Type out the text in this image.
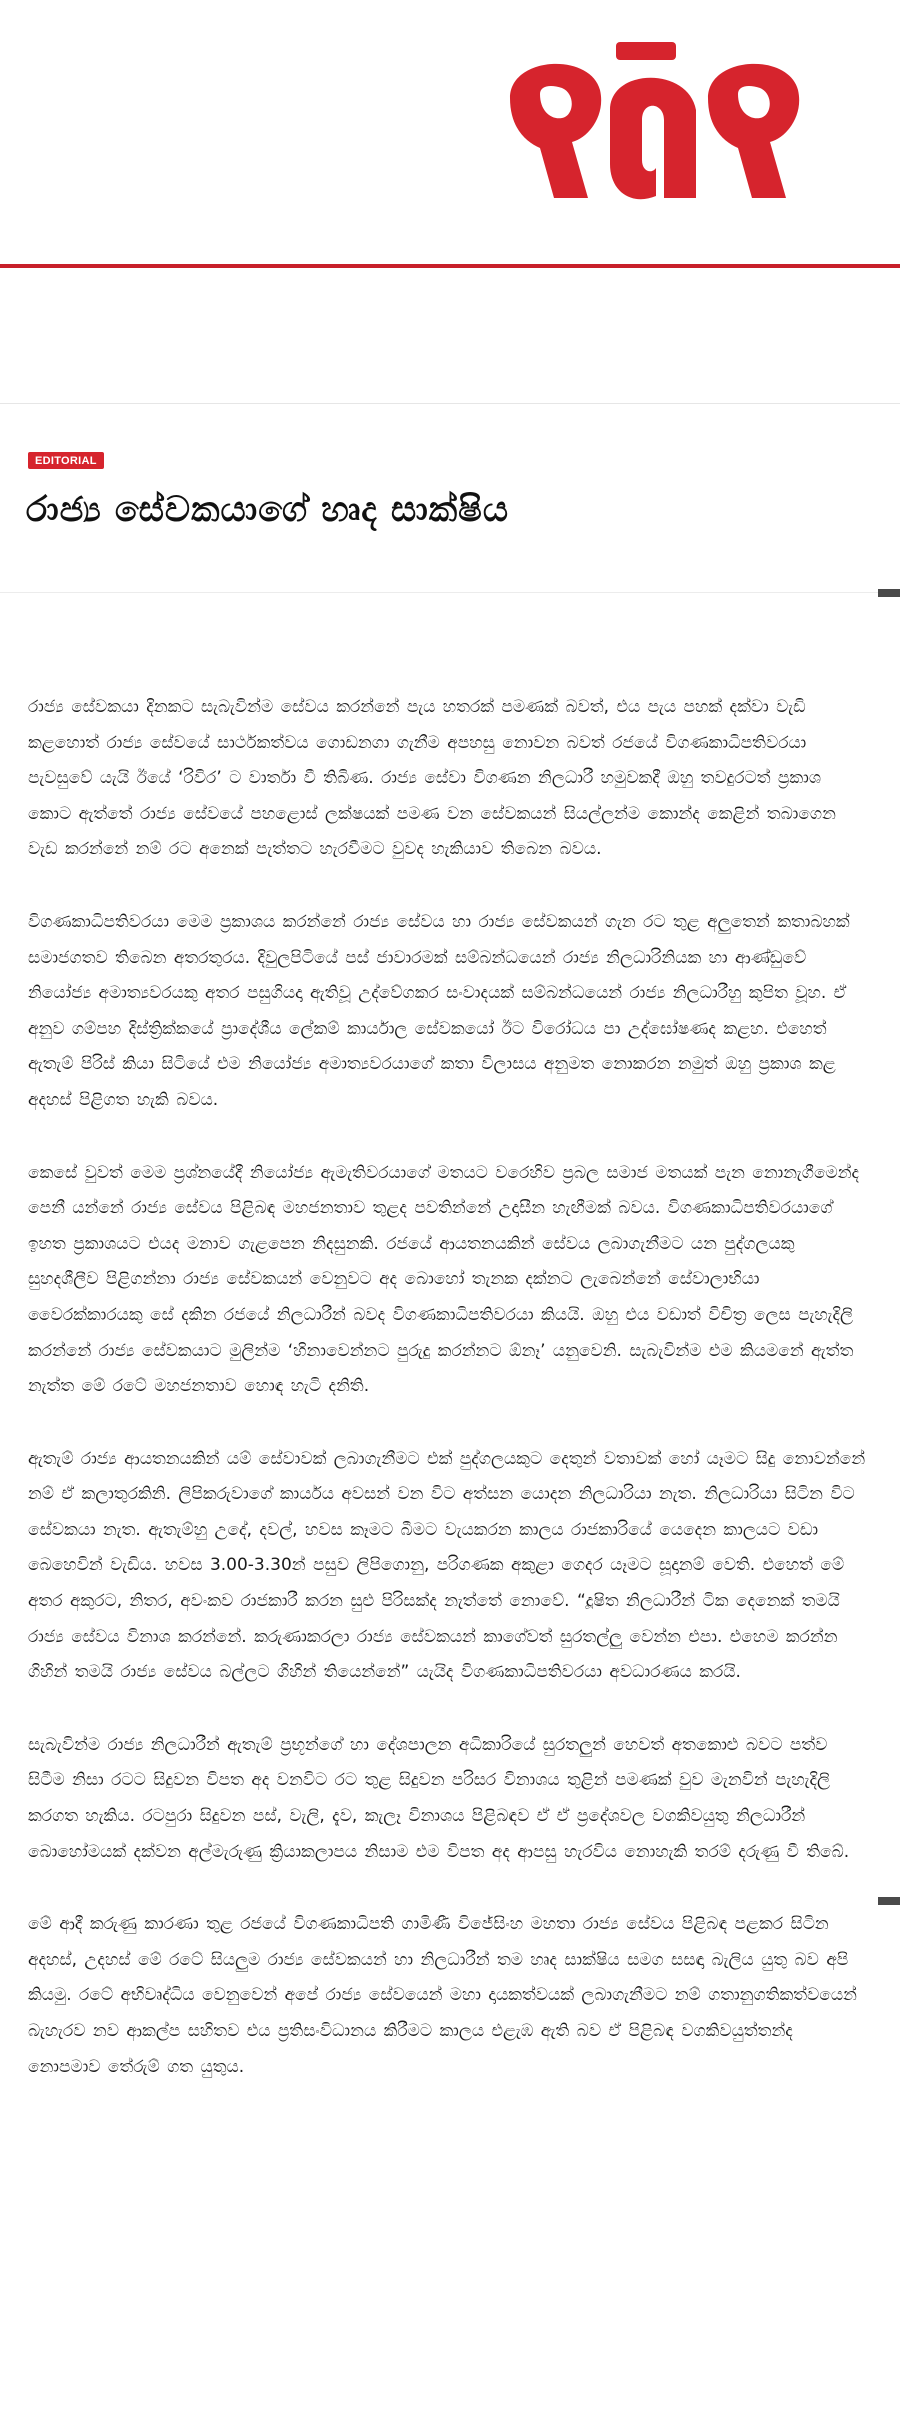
EDITORIAL
රාජ්‍ය සේවකයාගේ හෘද සාක්ෂිය

රාජ්‍ය සේවකයා දිනකට සැබැවින්ම සේවය කරන්නේ පැය හතරක් පමණක් බවත්, එය පැය පහක් දක්වා වැඩි කළහොත් රාජ්‍ය සේවයේ සාර්ථකත්වය ගොඩනගා ගැනීම අපහසු නොවන බවත් රජයේ විගණකාධිපතිවරයා පැවසුවේ යැයි ඊයේ ‘රිවිර’ ට වාර්තා වී තිබිණ. රාජ්‍ය සේවා විගණන නිලධාරී හමුවකදී ඔහු තවදුරටත් ප්‍රකාශ කොට ඇත්තේ රාජ්‍ය සේවයේ පහළොස් ලක්ෂයක් පමණ වන සේවකයන් සියල්ලන්ම කොන්ද කෙළින් තබාගෙන වැඩ කරන්නේ නම් රට අනෙක් පැත්තට හැරවීමට වුවද හැකියාව තිබෙන බවය.

විගණකාධිපතිවරයා මෙම ප්‍රකාශය කරන්නේ රාජ්‍ය සේවය හා රාජ්‍ය සේවකයන් ගැන රට තුළ අලුතෙන් කතාබහක් සමාජගතව තිබෙන අතරතුරය. දිවුලපිටියේ පස් ජාවාරමක් සම්බන්ධයෙන් රාජ්‍ය නිලධාරිනියක හා ආණ්ඩුවේ නියෝජ්‍ය අමාත්‍යවරයකු අතර පසුගියදා ඇතිවූ උද්වේගකර සංවාදයක් සම්බන්ධයෙන් රාජ්‍ය නිලධාරීහු කුපිත වූහ. ඒ අනුව ගම්පහ දිස්ත්‍රික්කයේ ප්‍රාදේශීය ලේකම් කාර්යාල සේවකයෝ ඊට විරෝධය පා උද්ඝෝෂණද කළහ. එහෙත් ඇතැම් පිරිස් කියා සිටියේ එම නියෝජ්‍ය අමාත්‍යවරයාගේ කතා විලාසය අනුමත නොකරන නමුත් ඔහු ප්‍රකාශ කළ අදහස් පිළිගත හැකි බවය.

කෙසේ වුවත් මෙම ප්‍රශ්නයේදී නියෝජ්‍ය ඇමැතිවරයාගේ මතයට වරෙහිව ප්‍රබල සමාජ මතයක් පැන නොනැගීමෙන්ද පෙනී යන්නේ රාජ්‍ය සේවය පිළිබඳ මහජනතාව තුළද පවතින්නේ උදාසීන හැඟීමක් බවය. විගණකාධිපතිවරයාගේ ඉහත ප්‍රකාශයට එයද මනාව ගැළපෙන නිදසුනකි. රජයේ ආයතනයකින් සේවය ලබාගැනීමට යන පුද්ගලයකු සුහදශීලීව පිළිගන්නා රාජ්‍ය සේවකයන් වෙනුවට අද බොහෝ තැනක දක්නට ලැබෙන්නේ සේවාලාභියා වෛරක්කාරයකු සේ දකින රජයේ නිලධාරීන් බවද විගණකාධිපතිවරයා කියයි. ඔහු එය වඩාත් විචිත්‍ර ලෙස පැහැදිලි කරන්නේ රාජ්‍ය සේවකයාට මුලින්ම ‘හිනාවෙන්නට පුරුදු කරන්නට ඕනෑ’ යනුවෙනි. සැබැවින්ම එම කියමනේ ඇත්ත නැත්ත මේ රටේ මහජනතාව හොඳ හැටි දනිති.

ඇතැම් රාජ්‍ය ආයතනයකින් යම් සේවාවක් ලබාගැනීමට එක් පුද්ගලයකුට දෙතුන් වතාවක් හෝ යෑමට සිදු නොවන්නේ නම් ඒ කලාතුරකිනි. ලිපිකරුවාගේ කාර්යය අවසන් වන විට අත්සන යොදන නිලධාරියා නැත. නිලධාරියා සිටින විට සේවකයා නැත. ඇතැම්හු උදේ, දවල්, හවස කෑමට බීමට වැයකරන කාලය රාජකාරියේ යෙදෙන කාලයට වඩා බෙහෙවින් වැඩිය. හවස 3.00-3.30න් පසුව ලිපිගොනු, පරිගණක අකුළා ගෙදර යෑමට සූදානම් වෙති. එහෙත් මේ අතර අකුරට, නිතර, අවංකව රාජකාරී කරන සුළු පිරිසක්ද නැත්තේ නොවේ. “දූෂිත නිලධාරීන් ටික දෙනෙක් තමයි රාජ්‍ය සේවය විනාශ කරන්නේ. කරුණාකරලා රාජ්‍ය සේවකයන් කාගේවත් සුරතල්ලු වෙන්න එපා. එහෙම කරන්න ගිහින් තමයි රාජ්‍ය සේවය බල්ලට ගිහින් තියෙන්නේ” යැයිද විගණකාධිපතිවරයා අවධාරණය කරයි.

සැබැවින්ම රාජ්‍ය නිලධාරීන් ඇතැම් ප්‍රභූන්ගේ හා දේශපාලන අධිකාරියේ සුරතලුන් හෙවත් අතකොළු බවට පත්ව සිටීම නිසා රටට සිදුවන විපත අද වනවිට රට තුළ සිදුවන පරිසර විනාශය තුළින් පමණක් වුව මැනවින් පැහැදිලි කරගත හැකිය. රටපුරා සිදුවන පස්, වැලි, දැව, කැලෑ විනාශය පිළිබඳව ඒ ඒ ප්‍රදේශවල වගකිවයුතු නිලධාරීන් බොහෝමයක් දක්වන අල්මැරුණු ක්‍රියාකලාපය නිසාම එම විපත අද ආපසු හැරවිය නොහැකි තරම් දරුණු වී තිබේ.

මේ ආදී කරුණු කාරණා තුළ රජයේ විගණකාධිපති ගාමිණී විජේසිංහ මහතා රාජ්‍ය සේවය පිළිබඳ පළකර සිටින අදහස්, උදහස් මේ රටේ සියලුම රාජ්‍ය සේවකයන් හා නිලධාරීන් තම හෘද සාක්ෂිය සමග සසඳා බැලිය යුතු බව අපි කියමු. රටේ අභිවෘද්ධිය වෙනුවෙන් අපේ රාජ්‍ය සේවයෙන් මහා දායකත්වයක් ලබාගැනීමට නම් ගතානුගතිකත්වයෙන් බැහැරව නව ආකල්ප සහිතව එය ප්‍රතිසංවිධානය කිරීමට කාලය එළැඹ ඇති බව ඒ පිළිබඳ වගකිවයුත්තන්ද නොපමාව තේරුම් ගත යුතුය.
